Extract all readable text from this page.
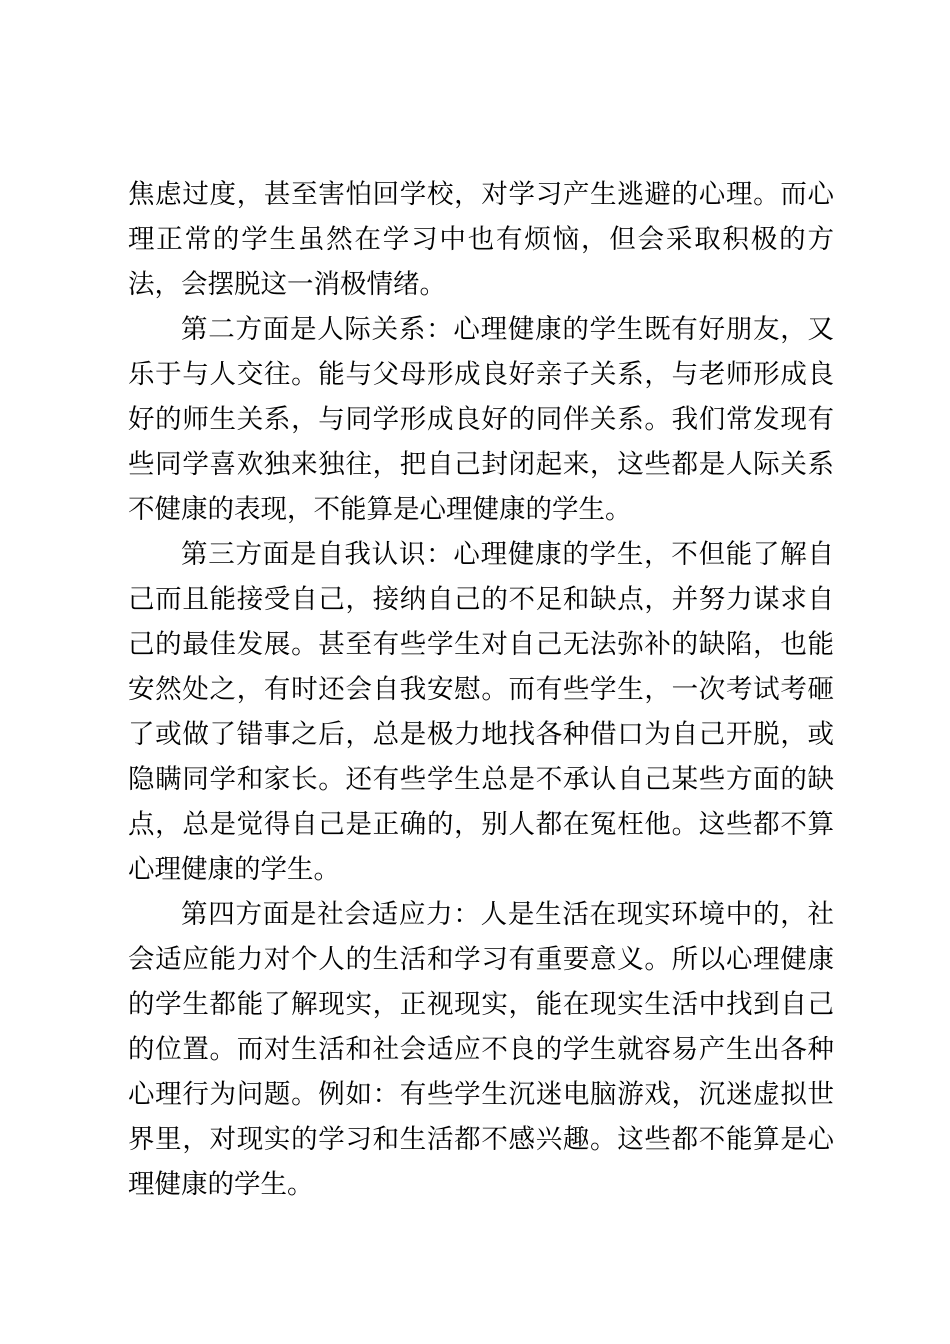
焦虑过度，甚至害怕回学校，对学习产生逃避的心理。而心理正常的学生虽然在学习中也有烦恼，但会采取积极的方法，会摆脱这一消极情绪。

第二方面是人际关系：心理健康的学生既有好朋友，又乐于与人交往。能与父母形成良好亲子关系，与老师形成良好的师生关系，与同学形成良好的同伴关系。我们常发现有些同学喜欢独来独往，把自己封闭起来，这些都是人际关系不健康的表现，不能算是心理健康的学生。

第三方面是自我认识：心理健康的学生，不但能了解自己而且能接受自己，接纳自己的不足和缺点，并努力谋求自己的最佳发展。甚至有些学生对自己无法弥补的缺陷，也能安然处之，有时还会自我安慰。而有些学生，一次考试考砸了或做了错事之后，总是极力地找各种借口为自己开脱，或隐瞒同学和家长。还有些学生总是不承认自己某些方面的缺点，总是觉得自己是正确的，别人都在冤枉他。这些都不算心理健康的学生。

第四方面是社会适应力：人是生活在现实环境中的，社会适应能力对个人的生活和学习有重要意义。所以心理健康的学生都能了解现实，正视现实，能在现实生活中找到自己的位置。而对生活和社会适应不良的学生就容易产生出各种心理行为问题。例如：有些学生沉迷电脑游戏，沉迷虚拟世界里，对现实的学习和生活都不感兴趣。这些都不能算是心理健康的学生。
